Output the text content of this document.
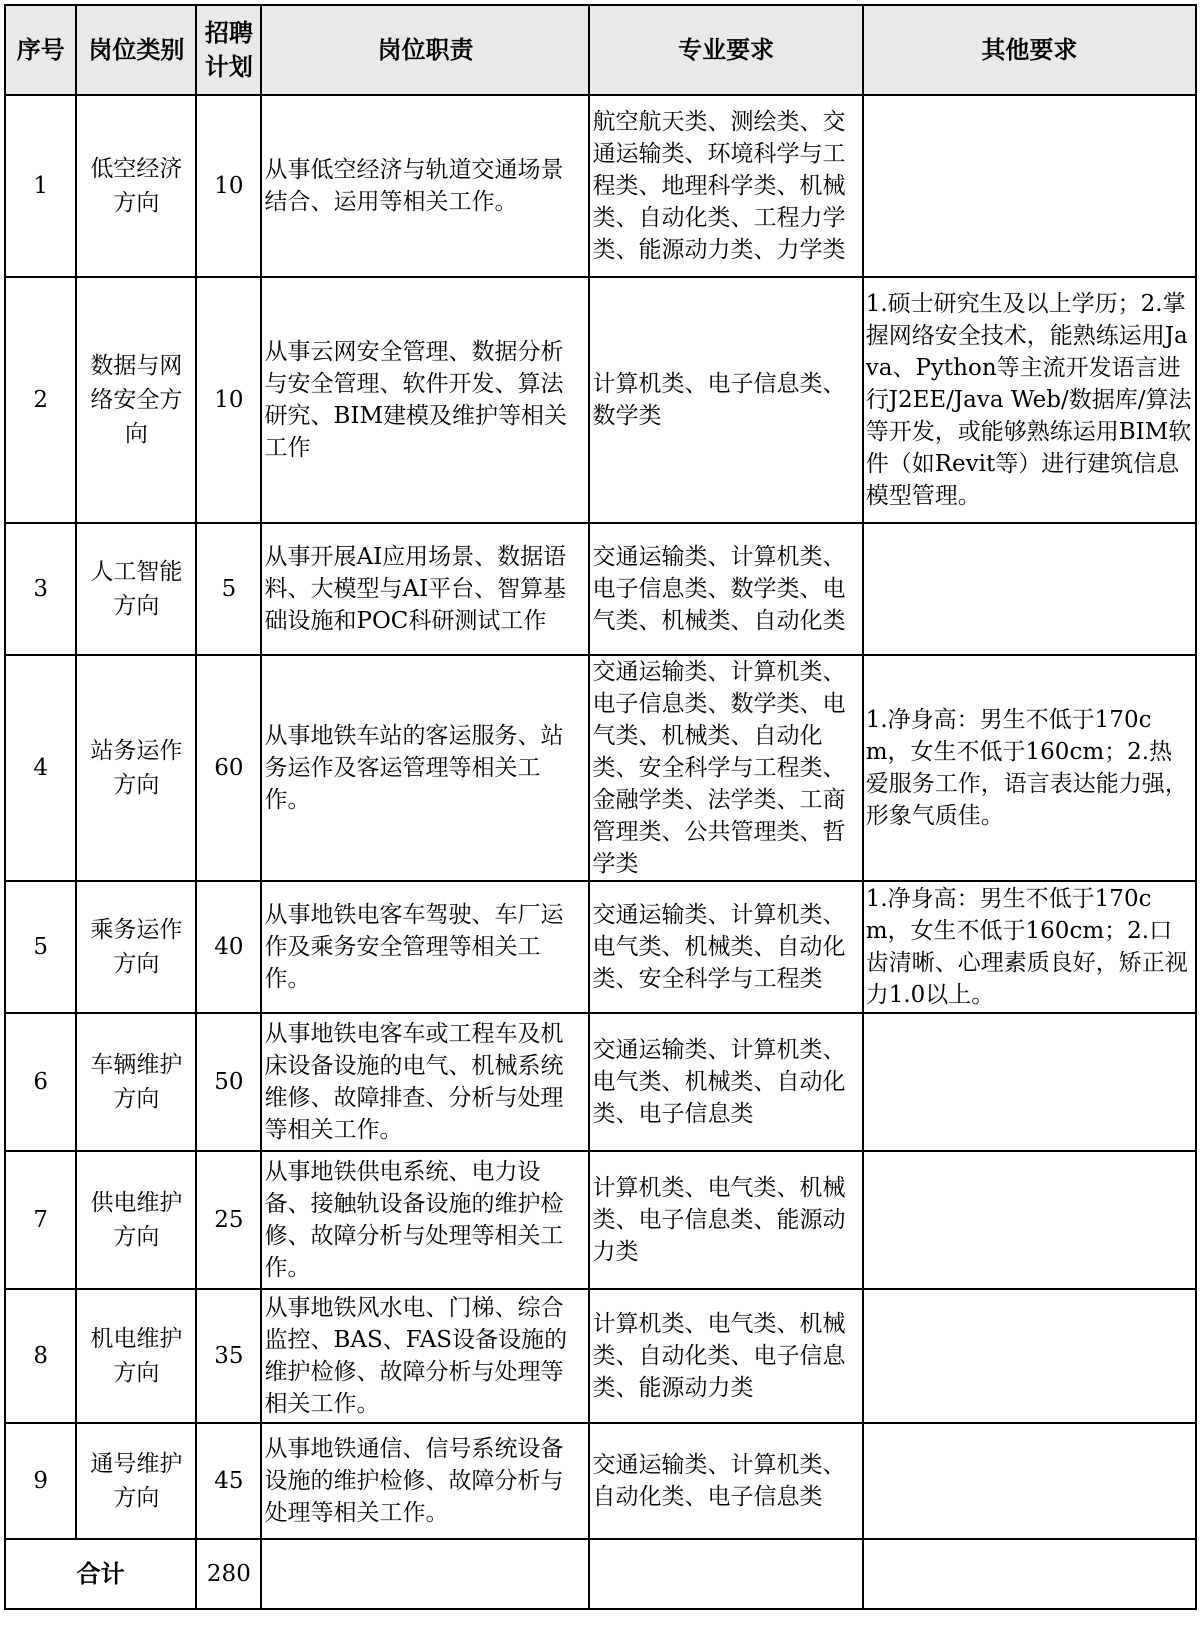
序号	岗位类别	招聘计划	岗位职责	专业要求	其他要求
1	低空经济方向	10	从事低空经济与轨道交通场景结合、运用等相关工作。	航空航天类、测绘类、交通运输类、环境科学与工程类、地理科学类、机械类、自动化类、工程力学类、能源动力类、力学类	
2	数据与网络安全方向	10	从事云网安全管理、数据分析与安全管理、软件开发、算法研究、BIM建模及维护等相关工作	计算机类、电子信息类、数学类	1.硕士研究生及以上学历；2.掌握网络安全技术，能熟练运用Java、Python等主流开发语言进行J2EE/Java Web/数据库/算法等开发，或能够熟练运用BIM软件（如Revit等）进行建筑信息模型管理。
3	人工智能方向	5	从事开展AI应用场景、数据语料、大模型与AI平台、智算基础设施和POC科研测试工作	交通运输类、计算机类、电子信息类、数学类、电气类、机械类、自动化类	
4	站务运作方向	60	从事地铁车站的客运服务、站务运作及客运管理等相关工作。	交通运输类、计算机类、电子信息类、数学类、电气类、机械类、自动化类、安全科学与工程类、金融学类、法学类、工商管理类、公共管理类、哲学类	1.净身高：男生不低于170cm，女生不低于160cm；2.热爱服务工作，语言表达能力强，形象气质佳。
5	乘务运作方向	40	从事地铁电客车驾驶、车厂运作及乘务安全管理等相关工作。	交通运输类、计算机类、电气类、机械类、自动化类、安全科学与工程类	1.净身高：男生不低于170cm，女生不低于160cm；2.口齿清晰、心理素质良好，矫正视力1.0以上。
6	车辆维护方向	50	从事地铁电客车或工程车及机床设备设施的电气、机械系统维修、故障排查、分析与处理等相关工作。	交通运输类、计算机类、电气类、机械类、自动化类、电子信息类	
7	供电维护方向	25	从事地铁供电系统、电力设备、接触轨设备设施的维护检修、故障分析与处理等相关工作。	计算机类、电气类、机械类、电子信息类、能源动力类	
8	机电维护方向	35	从事地铁风水电、门梯、综合监控、BAS、FAS设备设施的维护检修、故障分析与处理等相关工作。	计算机类、电气类、机械类、自动化类、电子信息类、能源动力类	
9	通号维护方向	45	从事地铁通信、信号系统设备设施的维护检修、故障分析与处理等相关工作。	交通运输类、计算机类、自动化类、电子信息类	
合计		280			
